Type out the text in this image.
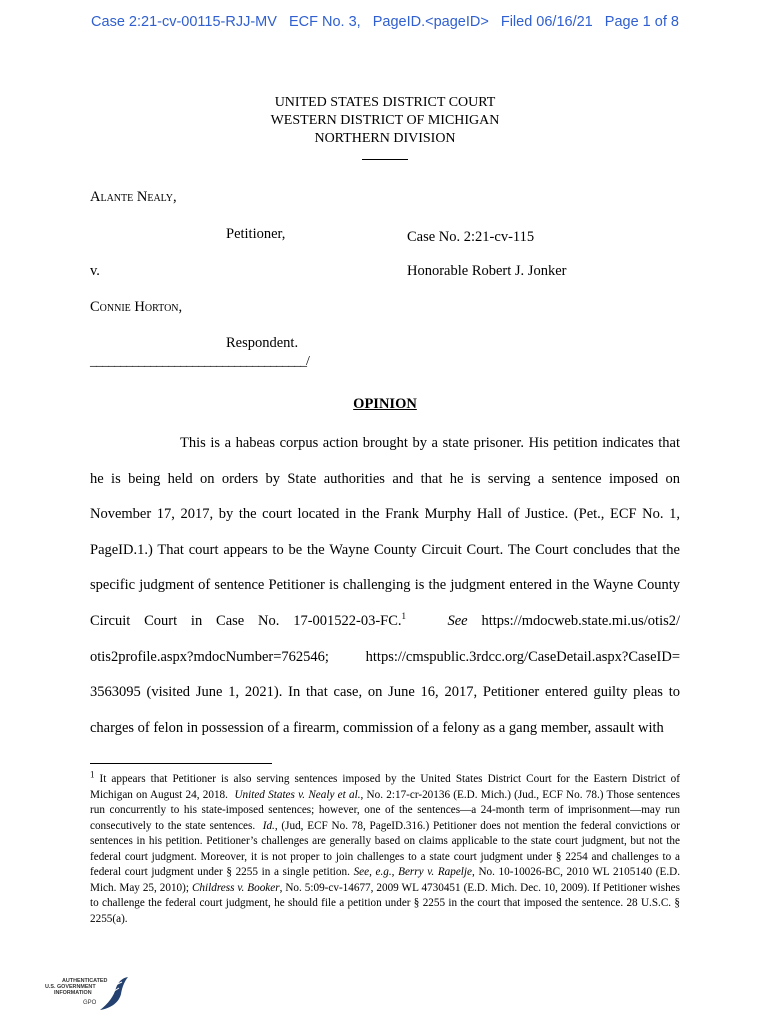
Case 2:21-cv-00115-RJJ-MV ECF No. 3, PageID.<pageID> Filed 06/16/21 Page 1 of 8
UNITED STATES DISTRICT COURT
WESTERN DISTRICT OF MICHIGAN
NORTHERN DIVISION
Alante Nealy,
Petitioner,	Case No. 2:21-cv-115
v.	Honorable Robert J. Jonker
Connie Horton,
Respondent.
____________________________________/
OPINION

This is a habeas corpus action brought by a state prisoner. His petition indicates that he is being held on orders by State authorities and that he is serving a sentence imposed on November 17, 2017, by the court located in the Frank Murphy Hall of Justice. (Pet., ECF No. 1, PageID.1.) That court appears to be the Wayne County Circuit Court. The Court concludes that the specific judgment of sentence Petitioner is challenging is the judgment entered in the Wayne County Circuit Court in Case No. 17-001522-03-FC.$^1$	See https://mdocweb.state.mi.us/otis2/ otis2profile.aspx?mdocNumber=762546; https://cmspublic.3rdcc.org/CaseDetail.aspx?CaseID= 3563095 (visited June 1, 2021). In that case, on June 16, 2017, Petitioner entered guilty pleas to charges of felon in possession of a firearm, commission of a felony as a gang member, assault with

$^1$ It appears that Petitioner is also serving sentences imposed by the United States District Court for the Eastern District of Michigan on August 24, 2018. United States v. Nealy et al., No. 2:17-cr-20136 (E.D. Mich.) (Jud., ECF No. 78.) Those sentences run concurrently to his state-imposed sentences; however, one of the sentences—a 24-month term of imprisonment—may run consecutively to the state sentences. Id., (Jud, ECF No. 78, PageID.316.) Petitioner does not mention the federal convictions or sentences in his petition. Petitioner’s challenges are generally based on claims applicable to the state court judgment, but not the federal court judgment. Moreover, it is not proper to join challenges to a state court judgment under § 2254 and challenges to a federal court judgment under § 2255 in a single petition. See, e.g., Berry v. Rapelje, No. 10-10026-BC, 2010 WL 2105140 (E.D. Mich. May 25, 2010); Childress v. Booker, No. 5:09-cv-14677, 2009 WL 4730451 (E.D. Mich. Dec. 10, 2009). If Petitioner wishes to challenge the federal court judgment, he should file a petition under § 2255 in the court that imposed the sentence. 28 U.S.C. § 2255(a).
AUTHENTICATED
U.S. GOVERNMENT
INFORMATION
GPO
